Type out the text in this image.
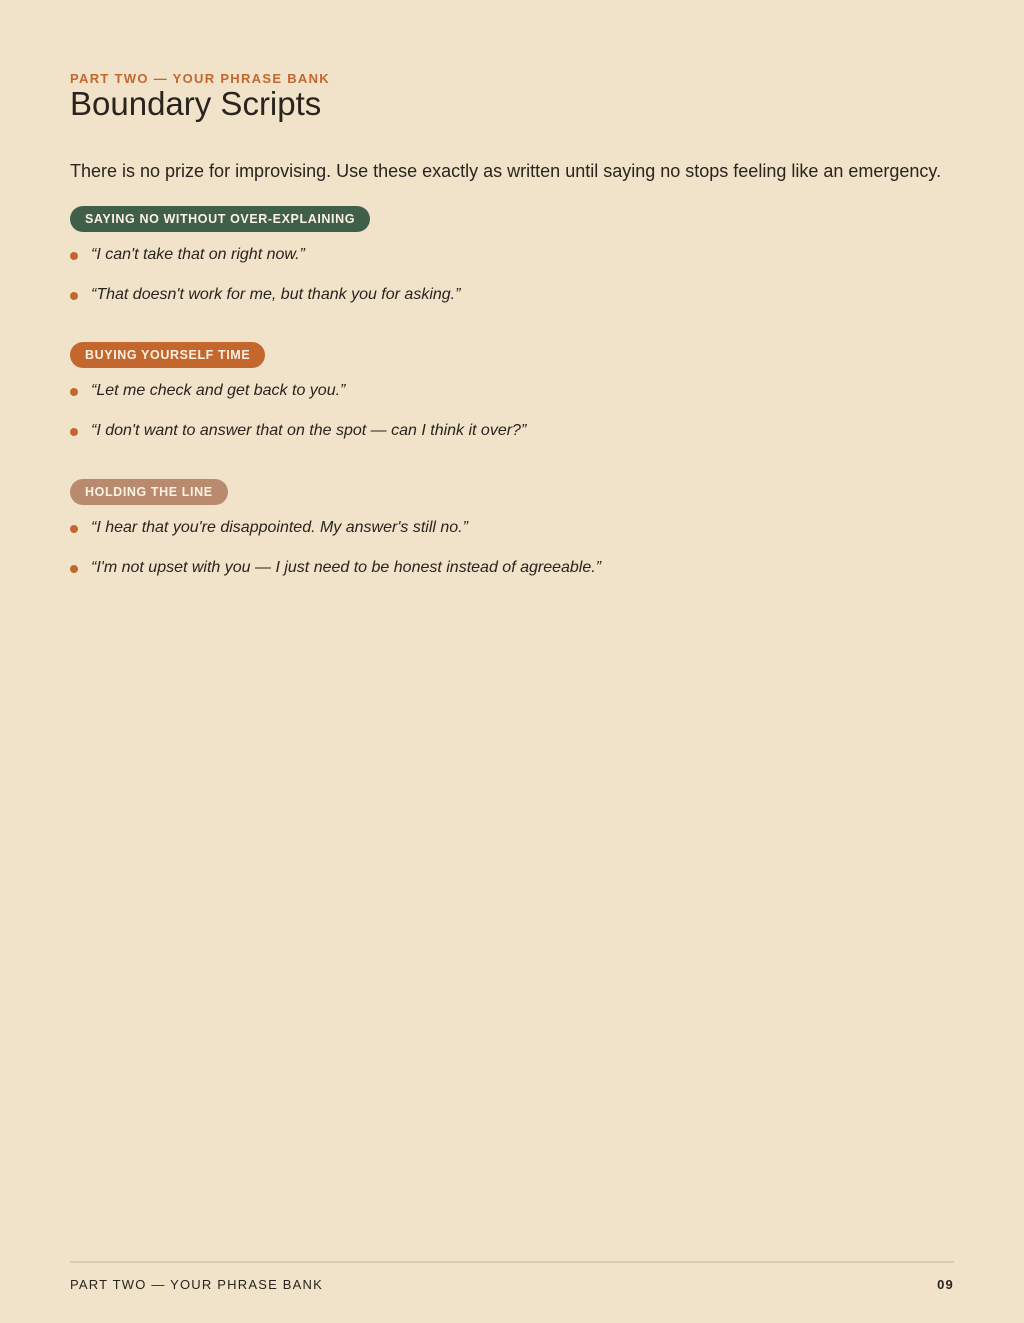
PART TWO — YOUR PHRASE BANK
Boundary Scripts
There is no prize for improvising. Use these exactly as written until saying no stops feeling like an emergency.
SAYING NO WITHOUT OVER-EXPLAINING
“I can't take that on right now.”
“That doesn't work for me, but thank you for asking.”
BUYING YOURSELF TIME
“Let me check and get back to you.”
“I don't want to answer that on the spot — can I think it over?”
HOLDING THE LINE
“I hear that you're disappointed. My answer's still no.”
“I'm not upset with you — I just need to be honest instead of agreeable.”
PART TWO — YOUR PHRASE BANK	09
